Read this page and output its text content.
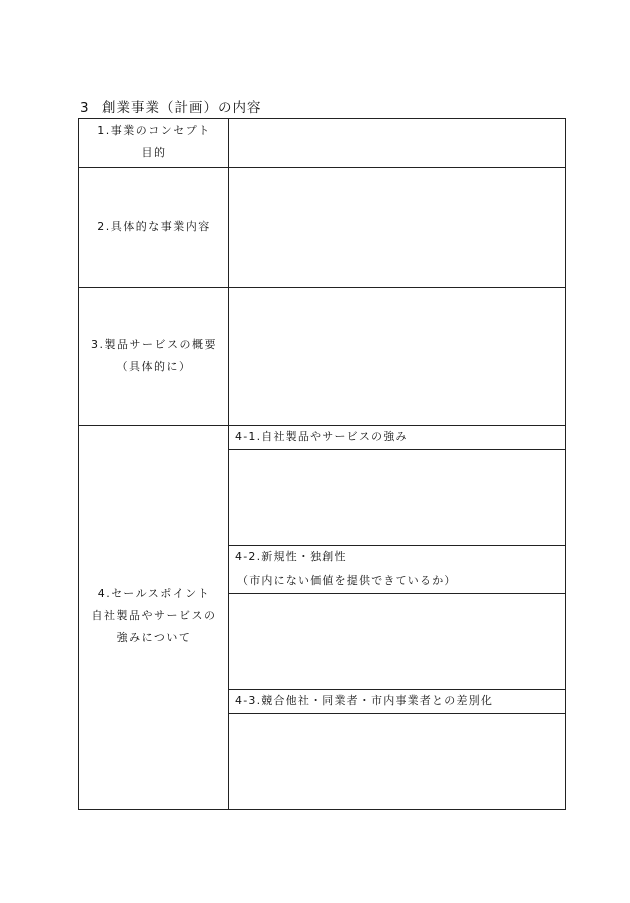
3 創業事業（計画）の内容
1.事業のコンセプト
目的
2.具体的な事業内容
3.製品サービスの概要
（具体的に）
4.セールスポイント
自社製品やサービスの
強みについて
4-1.自社製品やサービスの強み
4-2.新規性・独創性
（市内にない価値を提供できているか）
4-3.競合他社・同業者・市内事業者との差別化
